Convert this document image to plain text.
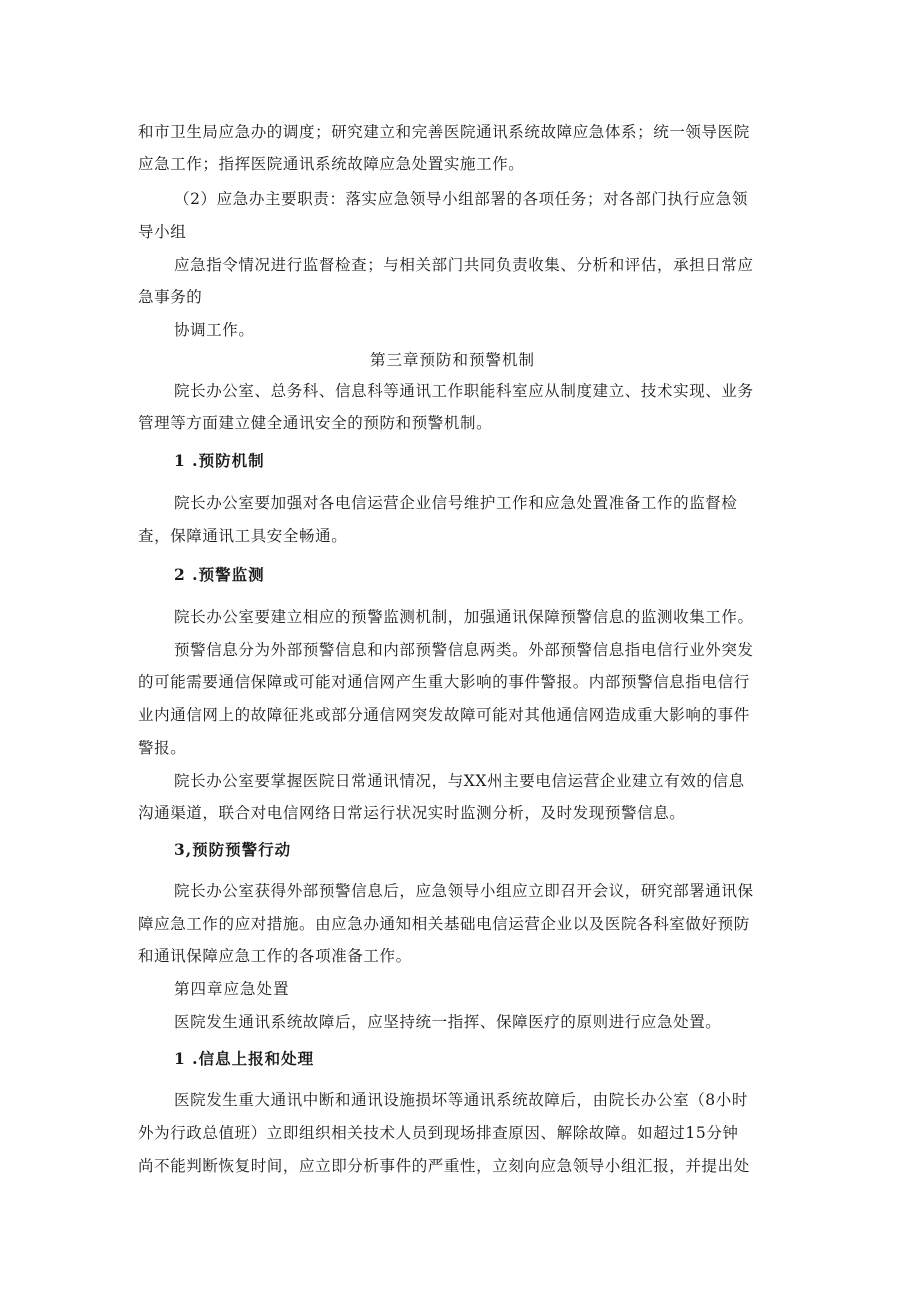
和市卫生局应急办的调度；研究建立和完善医院通讯系统故障应急体系；统一领导医院

应急工作；指挥医院通讯系统故障应急处置实施工作。

（2）应急办主要职责：落实应急领导小组部署的各项任务；对各部门执行应急领

导小组

应急指令情况进行监督检查；与相关部门共同负责收集、分析和评估，承担日常应

急事务的

协调工作。

第三章预防和预警机制

院长办公室、总务科、信息科等通讯工作职能科室应从制度建立、技术实现、业务

管理等方面建立健全通讯安全的预防和预警机制。

1 .预防机制

院长办公室要加强对各电信运营企业信号维护工作和应急处置准备工作的监督检

查，保障通讯工具安全畅通。

2 .预警监测

院长办公室要建立相应的预警监测机制，加强通讯保障预警信息的监测收集工作。

预警信息分为外部预警信息和内部预警信息两类。外部预警信息指电信行业外突发

的可能需要通信保障或可能对通信网产生重大影响的事件警报。内部预警信息指电信行

业内通信网上的故障征兆或部分通信网突发故障可能对其他通信网造成重大影响的事件

警报。

院长办公室要掌握医院日常通讯情况，与XX州主要电信运营企业建立有效的信息

沟通渠道，联合对电信网络日常运行状况实时监测分析，及时发现预警信息。

3,预防预警行动

院长办公室获得外部预警信息后，应急领导小组应立即召开会议，研究部署通讯保

障应急工作的应对措施。由应急办通知相关基础电信运营企业以及医院各科室做好预防

和通讯保障应急工作的各项准备工作。

第四章应急处置

医院发生通讯系统故障后，应坚持统一指挥、保障医疗的原则进行应急处置。

1 .信息上报和处理

医院发生重大通讯中断和通讯设施损坏等通讯系统故障后，由院长办公室（8小时

外为行政总值班）立即组织相关技术人员到现场排查原因、解除故障。如超过15分钟

尚不能判断恢复时间，应立即分析事件的严重性，立刻向应急领导小组汇报，并提出处
